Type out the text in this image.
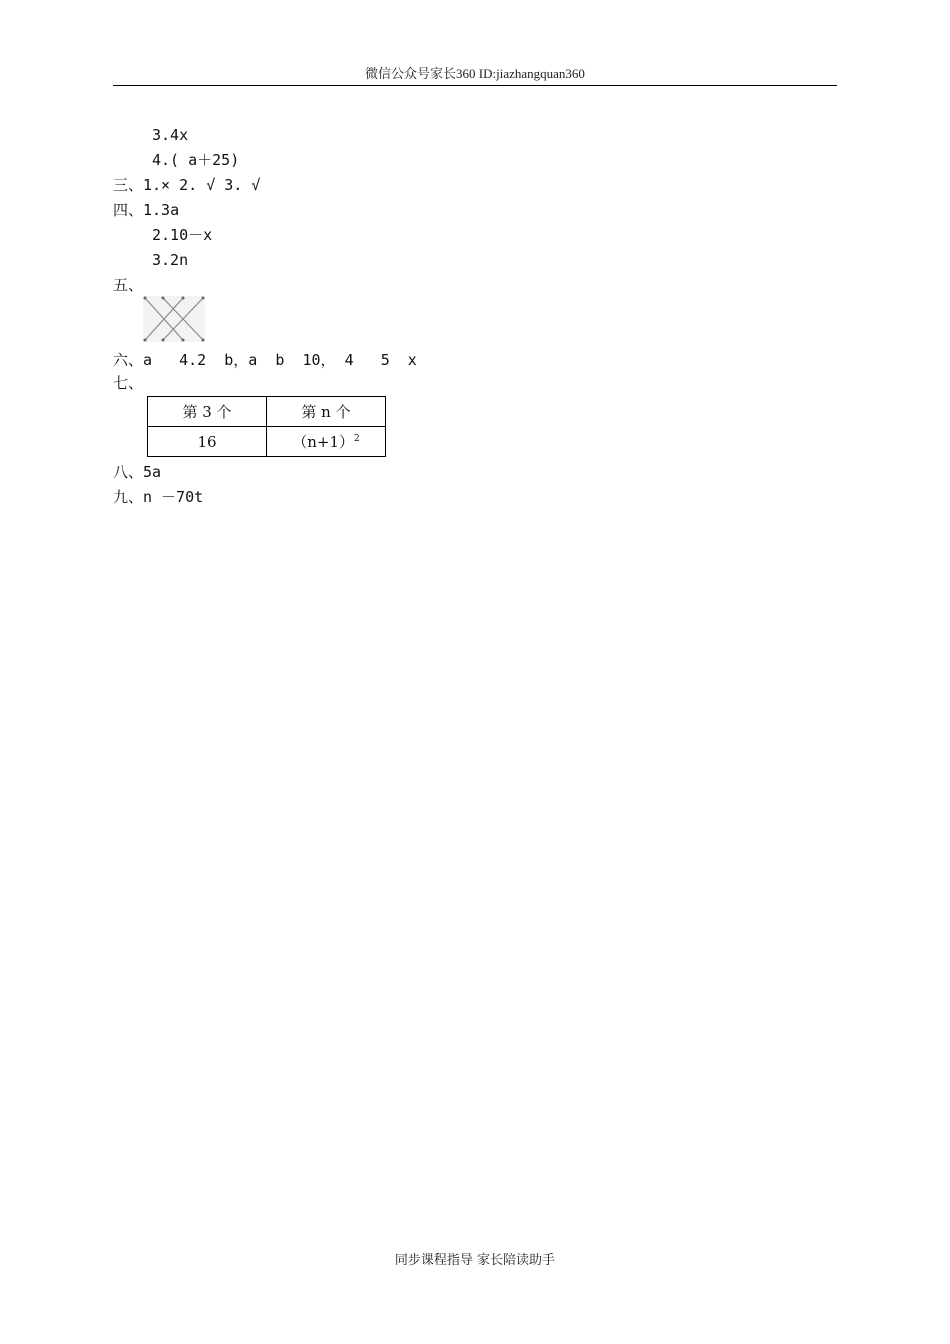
微信公众号家长360 ID:jiazhangquan360
3.4x
4.( a＋25)
三、1.× 2. √ 3. √
四、1.3a
2.10－x
3.2n
五、
六、a   4.2  b，a  b  10， 4   5  x
七、
第 3 个	第 n 个
16	$(n+1)^2$
八、5a
九、n －70t
同步课程指导 家长陪读助手
